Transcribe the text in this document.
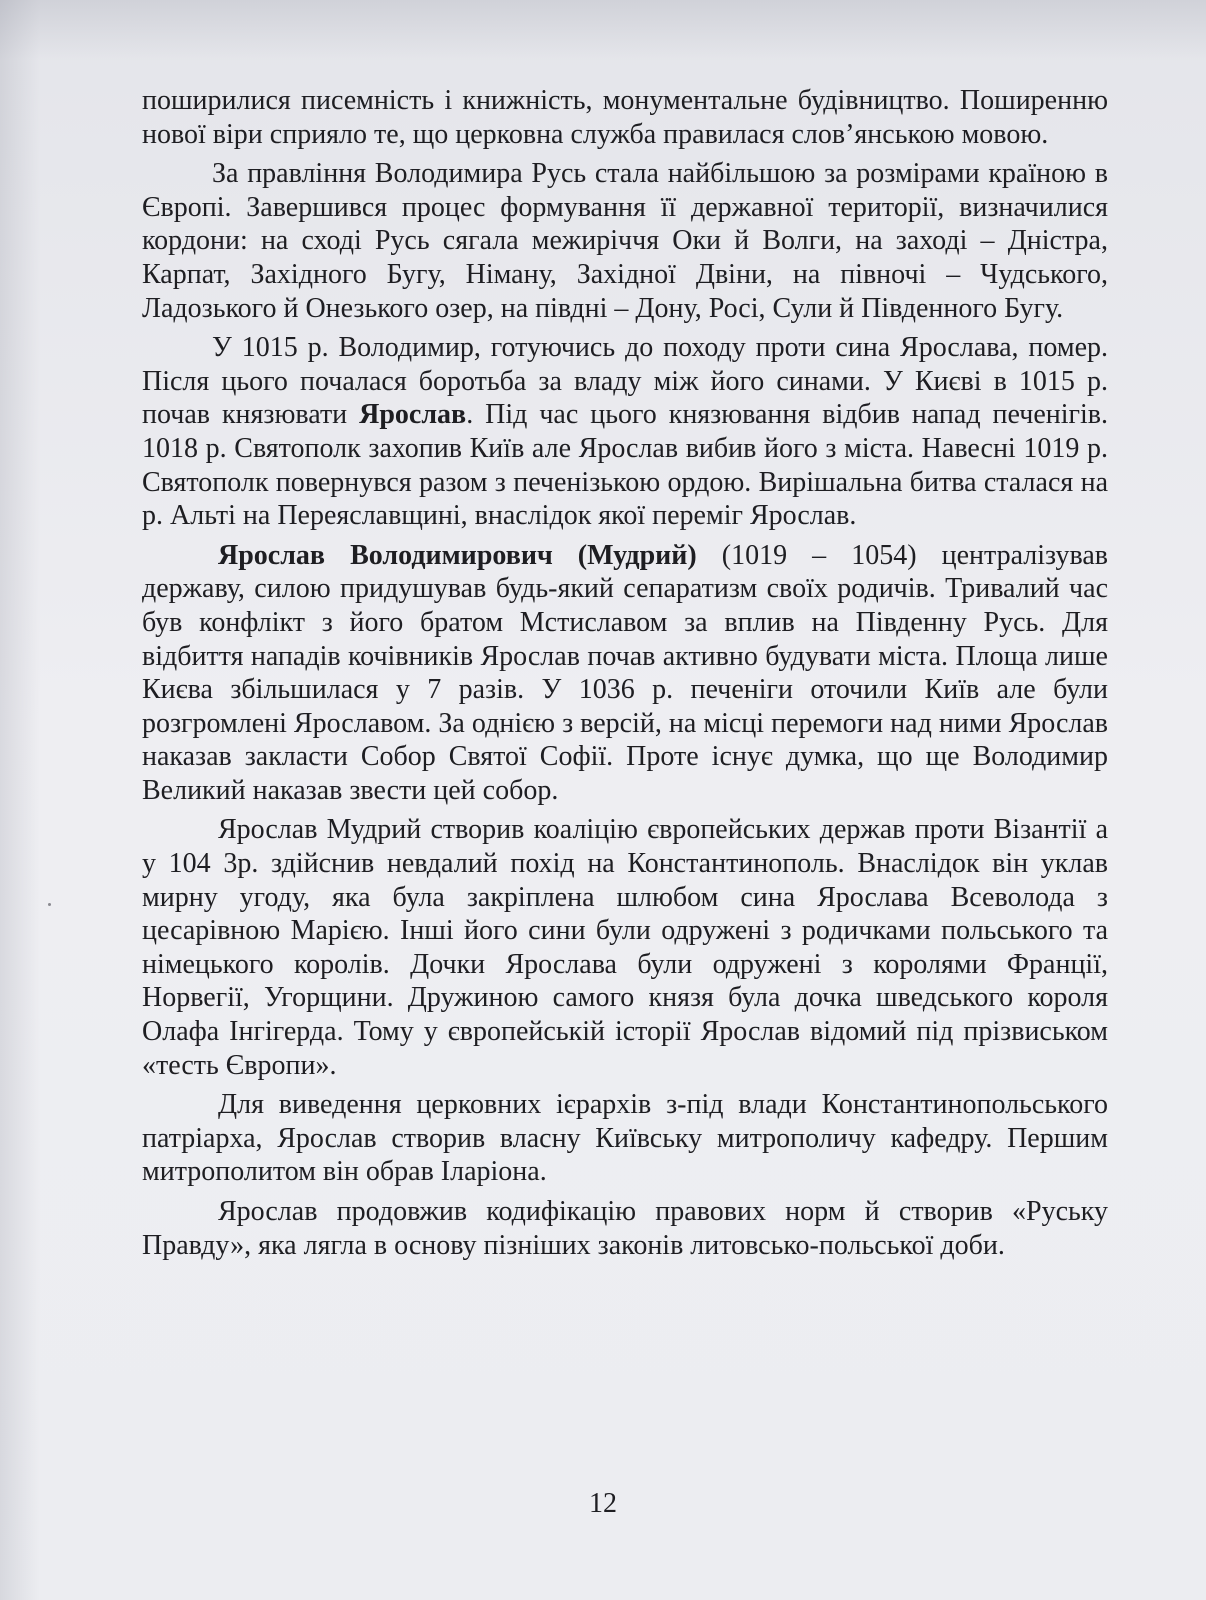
поширилися писемність і книжність, монументальне будівництво. Поширенню нової віри сприяло те, що церковна служба правилася слов’янською мовою.

За правління Володимира Русь стала найбільшою за розмірами країною в Європі. Завершився процес формування її державної території, визначилися кордони: на сході Русь сягала межиріччя Оки й Волги, на заході – Дністра, Карпат, Західного Бугу, Німану, Західної Двіни, на півночі – Чудського, Ладозького й Онезького озер, на півдні – Дону, Росі, Сули й Південного Бугу.

У 1015 р. Володимир, готуючись до походу проти сина Ярослава, помер. Після цього почалася боротьба за владу між його синами. У Києві в 1015 р. почав князювати Ярослав. Під час цього князювання відбив напад печенігів. 1018 р. Святополк захопив Київ але Ярослав вибив його з міста. Навесні 1019 р. Святополк повернувся разом з печенізькою ордою. Вирішальна битва сталася на р. Альті на Переяславщині, внаслідок якої переміг Ярослав.

Ярослав Володимирович (Мудрий) (1019 – 1054) централізував державу, силою придушував будь-який сепаратизм своїх родичів. Тривалий час був конфлікт з його братом Мстиславом за вплив на Південну Русь. Для відбиття нападів кочівників Ярослав почав активно будувати міста. Площа лише Києва збільшилася у 7 разів. У 1036 р. печеніги оточили Київ але були розгромлені Ярославом. За однією з версій, на місці перемоги над ними Ярослав наказав закласти Собор Святої Софії. Проте існує думка, що ще Володимир Великий наказав звести цей собор.

Ярослав Мудрий створив коаліцію європейських держав проти Візантії а у 104 3р. здійснив невдалий похід на Константинополь. Внаслідок він уклав мирну угоду, яка була закріплена шлюбом сина Ярослава Всеволода з цесарівною Марією. Інші його сини були одружені з родичками польського та німецького королів. Дочки Ярослава були одружені з королями Франції, Норвегії, Угорщини. Дружиною самого князя була дочка шведського короля Олафа Інгігерда. Тому у європейській історії Ярослав відомий під прізвиськом «тесть Європи».

Для виведення церковних ієрархів з-під влади Константинопольського патріарха, Ярослав створив власну Київську митрополичу кафедру. Першим митрополитом він обрав Іларіона.

Ярослав продовжив кодифікацію правових норм й створив «Руську Правду», яка лягла в основу пізніших законів литовсько-польської доби.

12
